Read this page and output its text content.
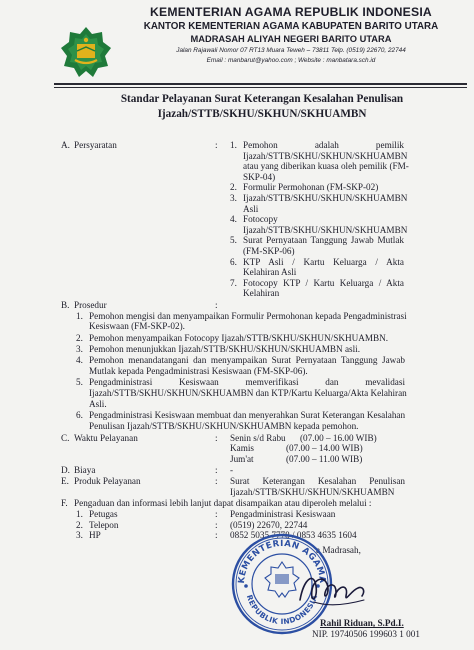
KEMENTERIAN AGAMA REPUBLIK INDONESIA
KANTOR KEMENTERIAN AGAMA KABUPATEN BARITO UTARA
MADRASAH ALIYAH NEGERI BARITO UTARA
Jalan Rajawali Nomor 07 RT13 Muara Teweh – 73811 Telp. (0519) 22670, 22744
Email : manbarut@yahoo.com ; Website : manbatara.sch.id
Standar Pelayanan Surat Keterangan Kesalahan Penulisan
Ijazah/STTB/SKHU/SKHUN/SKHUAMBN
A. Persyaratan	: 1. Pemohon adalah pemilik
Ijazah/STTB/SKHU/SKHUN/SKHUAMBN
atau yang diberikan kuasa oleh pemilik (FM-
SKP-04)
2. Formulir Permohonan (FM-SKP-02)
3. Ijazah/STTB/SKHU/SKHUN/SKHUAMBN
Asli
4. Fotocopy
Ijazah/STTB/SKHU/SKHUN/SKHUAMBN
5. Surat Pernyataan Tanggung Jawab Mutlak
(FM-SKP-06)
6. KTP Asli / Kartu Keluarga / Akta
Kelahiran Asli
7. Fotocopy KTP / Kartu Keluarga / Akta
Kelahiran
B. Prosedur	:
1. Pemohon mengisi dan menyampaikan Formulir Permohonan kepada Pengadministrasi
Kesiswaan (FM-SKP-02).
2. Pemohon menyampaikan Fotocopy Ijazah/STTB/SKHU/SKHUN/SKHUAMBN.
3. Pemohon menunjukkan Ijazah/STTB/SKHU/SKHUN/SKHUAMBN asli.
4. Pemohon menandatangani dan menyampaikan Surat Pernyataan Tanggung Jawab
Mutlak kepada Pengadministrasi Kesiswaan (FM-SKP-06).
5. Pengadministrasi Kesiswaan memverifikasi dan mevalidasi
Ijazah/STTB/SKHU/SKHUN/SKHUAMBN dan KTP/Kartu Keluarga/Akta Kelahiran
Asli.
6. Pengadministrasi Kesiswaan membuat dan menyerahkan Surat Keterangan Kesalahan
Penulisan Ijazah/STTB/SKHU/SKHUN/SKHUAMBN kepada pemohon.
C. Waktu Pelayanan	: Senin s/d Rabu (07.00 – 16.00 WIB)
Kamis	(07.00 – 14.00 WIB)
Jum'at	(07.00 – 11.00 WIB)
D. Biaya	: -
E. Produk Pelayanan	: Surat Keterangan Kesalahan Penulisan
Ijazah/STTB/SKHU/SKHUN/SKHUAMBN
F. Pengaduan dan informasi lebih lanjut dapat disampaikan atau diperoleh melalui :
1. Petugas	: Pengadministrasi Kesiswaan
2. Telepon	: (0519) 22670, 22744
3. HP	: 0852 5035 7778 / 0853 4635 1604
a Madrasah,
KEMENTERIAN AGAMA
REPUBLIK INDONESIA
Rahil Riduan, S.Pd.I.
NIP. 19740506 199603 1 001
